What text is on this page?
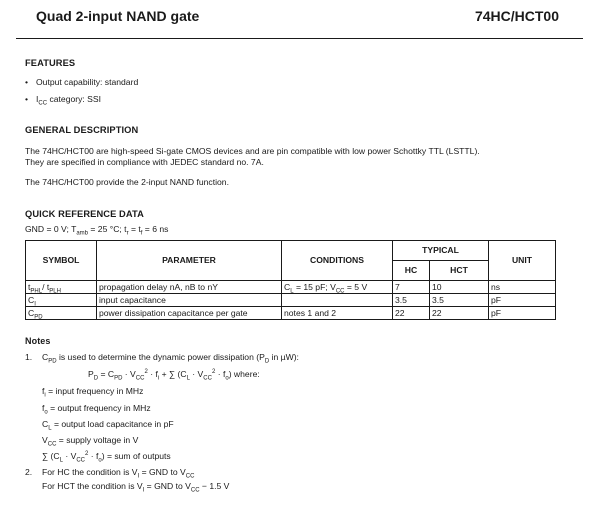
Quad 2-input NAND gate	74HC/HCT00
FEATURES
• Output capability: standard
• $I_{CC}$ category: SSI
GENERAL DESCRIPTION
The 74HC/HCT00 are high-speed Si-gate CMOS devices and are pin compatible with low power Schottky TTL (LSTTL).
They are specified in compliance with JEDEC standard no. 7A.
The 74HC/HCT00 provide the 2-input NAND function.
QUICK REFERENCE DATA
GND = 0 V; $T_{amb} = 25$ °C; $t_r = t_f = 6$ ns
SYMBOL	PARAMETER	CONDITIONS	TYPICAL		UNIT
			HC	HCT	
$t_{PHL}/$ $t_{PLH}$	propagation delay nA, nB to nY	$C_L = 15$ pF; $V_{CC} = 5$ V	7	10	ns
$C_I$	input capacitance		3.5	3.5	pF
$C_{PD}$	power dissipation capacitance per gate	notes 1 and 2	22	22	pF
Notes
1. $C_{PD}$ is used to determine the dynamic power dissipation ($P_D$ in µW):
$P_D = C_{PD} \cdot V_{CC}^2 \cdot f_i$ + ∑ $(C_L \cdot V_{CC}^2 \cdot f_o)$ where:
$f_i$ = input frequency in MHz
$f_o$ = output frequency in MHz
$C_L$ = output load capacitance in pF
$V_{CC}$ = supply voltage in V
∑ $(C_L \cdot V_{CC}^2 \cdot f_o)$ = sum of outputs
2. For HC the condition is $V_I$ = GND to $V_{CC}$
For HCT the condition is $V_I$ = GND to $V_{CC} - 1.5$ V
